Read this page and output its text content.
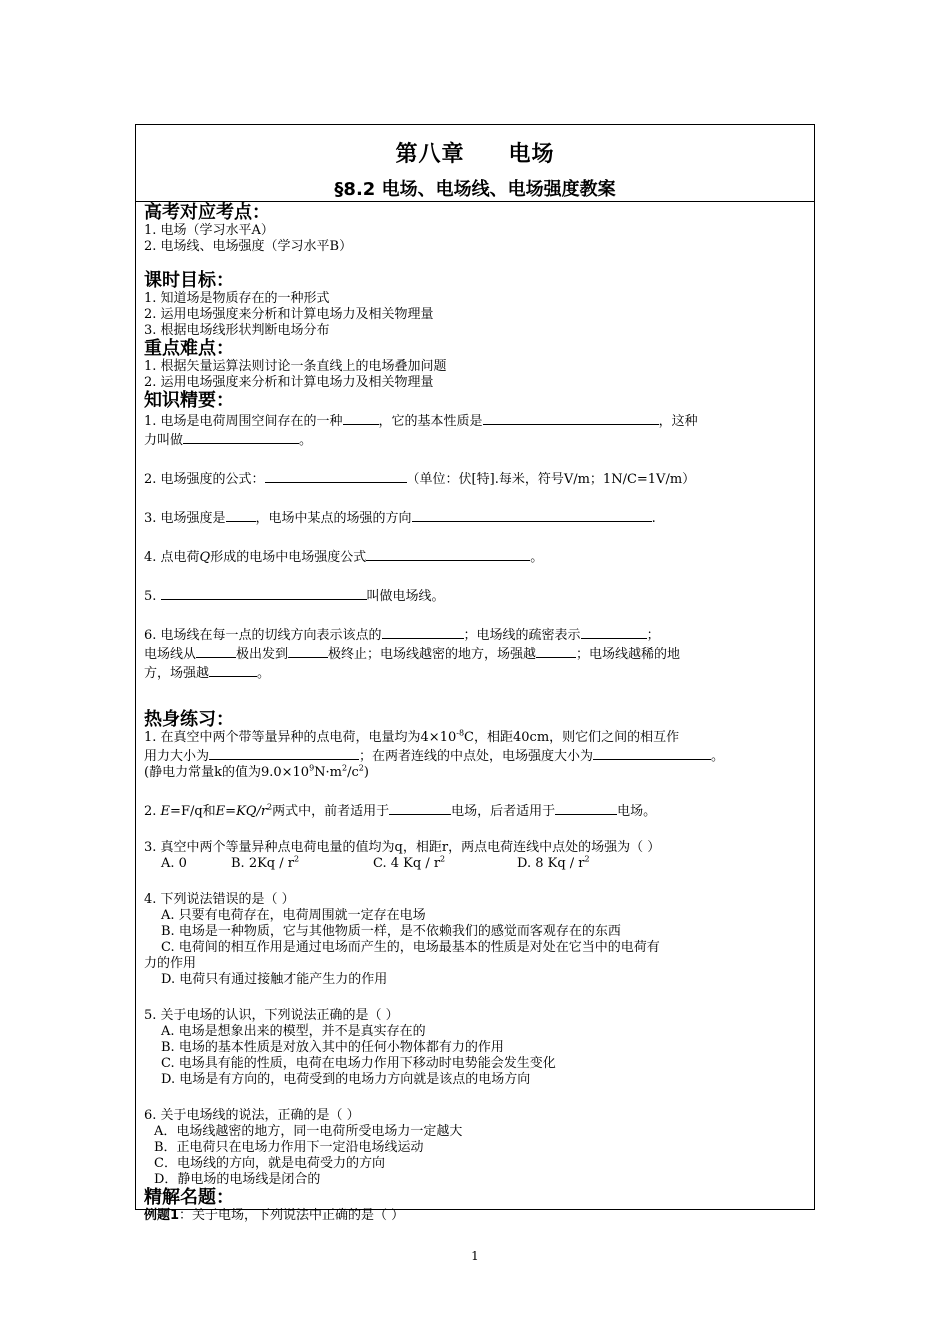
第八章 电场
§8.2 电场、电场线、电场强度教案
高考对应考点：
1. 电场（学习水平A）
2. 电场线、电场强度（学习水平B）
课时目标：
1. 知道场是物质存在的一种形式
2. 运用电场强度来分析和计算电场力及相关物理量
3. 根据电场线形状判断电场分布
重点难点：
1. 根据矢量运算法则讨论一条直线上的电场叠加问题
2. 运用电场强度来分析和计算电场力及相关物理量
知识精要：
1. 电场是电荷周围空间存在的一种	，它的基本性质是	，这种
力叫做	。
2. 电场强度的公式：	（单位：伏[特].每米，符号V/m；1N/C=1V/m）
3. 电场强度是 ，电场中某点的场强的方向	.
4. 点电荷Q形成的电场中电场强度公式	。
5.	叫做电场线。
6. 电场线在每一点的切线方向表示该点的	；电场线的疏密表示	；
电场线从	极出发到	极终止；电场线越密的地方，场强越	；电场线越稀的地
方，场强越	。
热身练习：
1. 在真空中两个带等量异种的点电荷，电量均为$4\times 10^{-8}C$，相距40cm，则它们之间的相互作
用力大小为	；在两者连线的中点处，电场强度大小为	。
(静电力常量k的值为$9.0\times 10^9N\cdot m^2/c^2$)
2. E=F/q和$E=KQ/r^2$两式中，前者适用于	电场，后者适用于	电场。
3. 真空中两个等量异种点电荷电量的值均为q，相距r，两点电荷连线中点处的场强为（ ）
A. 0	B. $2Kq / r^2$	C. 4 Kq / $r^2$	D. 8 Kq / $r^2$
4. 下列说法错误的是（ ）
A. 只要有电荷存在，电荷周围就一定存在电场
B. 电场是一种物质，它与其他物质一样，是不依赖我们的感觉而客观存在的东西
C. 电荷间的相互作用是通过电场而产生的，电场最基本的性质是对处在它当中的电荷有
力的作用
D. 电荷只有通过接触才能产生力的作用
5. 关于电场的认识，下列说法正确的是（ ）
A. 电场是想象出来的模型，并不是真实存在的
B. 电场的基本性质是对放入其中的任何小物体都有力的作用
C. 电场具有能的性质，电荷在电场力作用下移动时电势能会发生变化
D. 电场是有方向的，电荷受到的电场力方向就是该点的电场方向
6. 关于电场线的说法，正确的是（ ）
A．电场线越密的地方，同一电荷所受电场力一定越大
B．正电荷只在电场力作用下一定沿电场线运动
C．电场线的方向，就是电荷受力的方向
D．静电场的电场线是闭合的
精解名题：
例题1：关于电场，下列说法中正确的是（ ）
1
